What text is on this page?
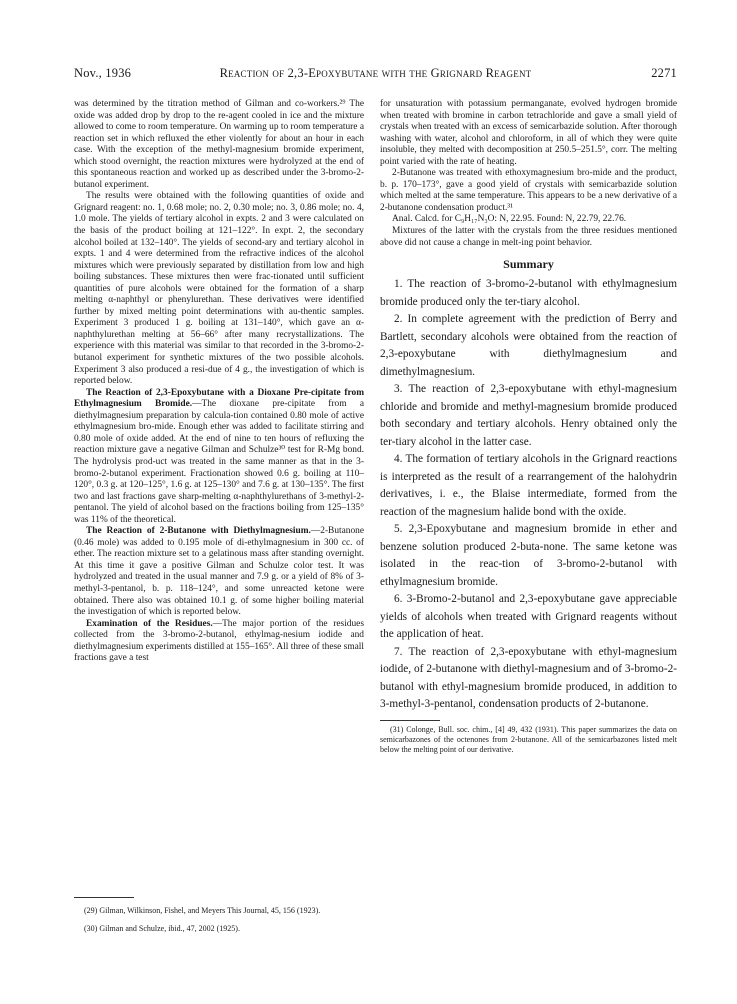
Nov., 1936	Reaction of 2,3-Epoxybutane with the Grignard Reagent	2271

was determined by the titration method of Gilman and co-workers.²⁹ The oxide was added drop by drop to the re-agent cooled in ice and the mixture allowed to come to room temperature. On warming up to room temperature a reaction set in which refluxed the ether violently for about an hour in each case. With the exception of the methyl-magnesium bromide experiment, which stood overnight, the reaction mixtures were hydrolyzed at the end of this spontaneous reaction and worked up as described under the 3-bromo-2-butanol experiment.

The results were obtained with the following quantities of oxide and Grignard reagent: no. 1, 0.68 mole; no. 2, 0.30 mole; no. 3, 0.86 mole; no. 4, 1.0 mole. The yields of tertiary alcohol in expts. 2 and 3 were calculated on the basis of the product boiling at 121–122°. In expt. 2, the secondary alcohol boiled at 132–140°. The yields of second-ary and tertiary alcohol in expts. 1 and 4 were determined from the refractive indices of the alcohol mixtures which were previously separated by distillation from low and high boiling substances. These mixtures then were frac-tionated until sufficient quantities of pure alcohols were obtained for the formation of a sharp melting α-naphthyl or phenylurethan. These derivatives were identified further by mixed melting point determinations with au-thentic samples. Experiment 3 produced 1 g. boiling at 131–140°, which gave an α-naphthylurethan melting at 56–66° after many recrystallizations. The experience with this material was similar to that recorded in the 3-bromo-2-butanol experiment for synthetic mixtures of the two possible alcohols. Experiment 3 also produced a resi-due of 4 g., the investigation of which is reported below.

The Reaction of 2,3-Epoxybutane with a Dioxane Pre-cipitate from Ethylmagnesium Bromide.—The dioxane pre-cipitate from a diethylmagnesium preparation by calcula-tion contained 0.80 mole of active ethylmagnesium bro-mide. Enough ether was added to facilitate stirring and 0.80 mole of oxide added. At the end of nine to ten hours of refluxing the reaction mixture gave a negative Gilman and Schulze³⁰ test for R-Mg bond. The hydrolysis prod-uct was treated in the same manner as that in the 3-bromo-2-butanol experiment. Fractionation showed 0.6 g. boiling at 110–120°, 0.3 g. at 120–125°, 1.6 g. at 125–130° and 7.6 g. at 130–135°. The first two and last fractions gave sharp-melting α-naphthylurethans of 3-methyl-2-pentanol. The yield of alcohol based on the fractions boiling from 125–135° was 11% of the theoretical.

The Reaction of 2-Butanone with Diethylmagnesium.—2-Butanone (0.46 mole) was added to 0.195 mole of di-ethylmagnesium in 300 cc. of ether. The reaction mixture set to a gelatinous mass after standing overnight. At this time it gave a positive Gilman and Schulze color test. It was hydrolyzed and treated in the usual manner and 7.9 g. or a yield of 8% of 3-methyl-3-pentanol, b. p. 118–124°, and some unreacted ketone were obtained. There also was obtained 10.1 g. of some higher boiling material the investigation of which is reported below.

Examination of the Residues.—The major portion of the residues collected from the 3-bromo-2-butanol, ethylmag-nesium iodide and diethylmagnesium experiments distilled at 155–165°. All three of these small fractions gave a test

(29) Gilman, Wilkinson, Fishel, and Meyers This Journal, 45, 156 (1923).

(30) Gilman and Schulze, ibid., 47, 2002 (1925).

for unsaturation with potassium permanganate, evolved hydrogen bromide when treated with bromine in carbon tetrachloride and gave a small yield of crystals when treated with an excess of semicarbazide solution. After thorough washing with water, alcohol and chloroform, in all of which they were quite insoluble, they melted with decomposition at 250.5–251.5°, corr. The melting point varied with the rate of heating.

2-Butanone was treated with ethoxymagnesium bro-mide and the product, b. p. 170–173°, gave a good yield of crystals with semicarbazide solution which melted at the same temperature. This appears to be a new derivative of a 2-butanone condensation product.³¹

Anal. Calcd. for C₉H₁₇N₃O: N, 22.95. Found: N, 22.79, 22.76.

Mixtures of the latter with the crystals from the three residues mentioned above did not cause a change in melt-ing point behavior.

Summary

1. The reaction of 3-bromo-2-butanol with ethylmagnesium bromide produced only the ter-tiary alcohol.

2. In complete agreement with the prediction of Berry and Bartlett, secondary alcohols were obtained from the reaction of 2,3-epoxybutane with diethylmagnesium and dimethylmagnesium.

3. The reaction of 2,3-epoxybutane with ethyl-magnesium chloride and bromide and methyl-magnesium bromide produced both secondary and tertiary alcohols. Henry obtained only the ter-tiary alcohol in the latter case.

4. The formation of tertiary alcohols in the Grignard reactions is interpreted as the result of a rearrangement of the halohydrin derivatives, i. e., the Blaise intermediate, formed from the reaction of the magnesium halide bond with the oxide.

5. 2,3-Epoxybutane and magnesium bromide in ether and benzene solution produced 2-buta-none. The same ketone was isolated in the reac-tion of 3-bromo-2-butanol with ethylmagnesium bromide.

6. 3-Bromo-2-butanol and 2,3-epoxybutane gave appreciable yields of alcohols when treated with Grignard reagents without the application of heat.

7. The reaction of 2,3-epoxybutane with ethyl-magnesium iodide, of 2-butanone with diethyl-magnesium and of 3-bromo-2-butanol with ethyl-magnesium bromide produced, in addition to 3-methyl-3-pentanol, condensation products of 2-butanone.

(31) Colonge, Bull. soc. chim., [4] 49, 432 (1931). This paper summarizes the data on semicarbazones of the octenones from 2-butanone. All of the semicarbazones listed melt below the melting point of our derivative.
